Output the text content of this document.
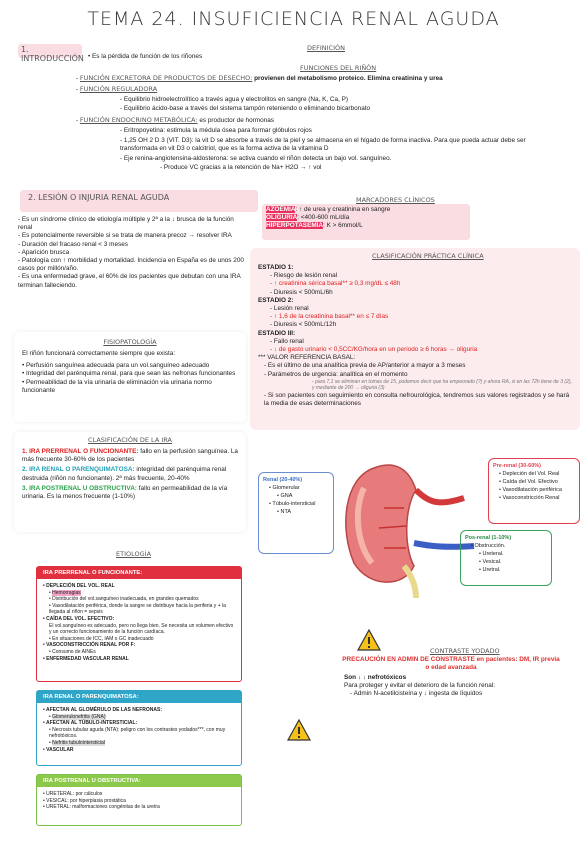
TEMA 24. INSUFICIENCIA RENAL AGUDA
1. INTRODUCCIÓN
DEFINICIÓN
• Es la pérdida de función de los riñones
FUNCIONES DEL RIÑÓN
- FUNCIÓN EXCRETORA DE PRODUCTOS DE DESECHO: provienen del metabolismo proteico. Elimina creatinina y urea
- FUNCIÓN REGULADORA
- Equilibrio hidroelectrolítico a través agua y electrolitos en sangre (Na, K, Ca, P)
- Equilibrio ácido-base a través del sistema tampón reteniendo o eliminando bicarbonato
- FUNCIÓN ENDOCRINO METABÓLICA: es productor de hormonas
- Eritropoyetina: estimula la médula ósea para formar glóbulos rojos
- 1,25 OH 2 D 3 (VIT. D3): la vit D se absorbe a través de la piel y se almacena en el hígado de forma inactiva. Para que pueda actuar debe ser transformada en vit D3 o calcitriol, que es la forma activa de la vitamina D
- Eje renina-angiotensina-aldosterona: se activa cuando el riñón detecta un bajo vol. sanguíneo.
- Produce VC gracias a la retención de Na+ H2O → ↑ vol
2. LESIÓN O INJURIA RENAL AGUDA
- Es un síndrome clínico de etiología múltiple y 2ª a la ↓ brusca de la función renal
- Es potencialmente reversible si se trata de manera precoz → resolver IRA
- Duración del fracaso renal < 3 meses
- Aparición brusca
- Patología con ↑ morbilidad y mortalidad. Incidencia en España es de unos 200 casos por millón/año.
- Es una enfermedad grave, el 60% de los pacientes que debutan con una IRA terminan falleciendo.
FISIOPATOLOGÍA
El riñón funcionará correctamente siempre que exista:
• Perfusión sanguínea adecuada para un vol.sanguíneo adecuado
• Integridad del parénquima renal, para que sean las nefronas funcionantes
• Permeabilidad de la vía urinaria de eliminación vía urinaria normo funcionante
CLASIFICACIÓN DE LA IRA
1. IRA PRERRENAL O FUNCIONANTE: fallo en la perfusión sanguínea. La más frecuente 30-60% de los pacientes
2. IRA RENAL O PARENQUIMATOSA: integridad del parénquima renal destruida (riñón no funcionante). 2ª más frecuente, 20-40%
3. IRA POSTRENAL U OBSTRUCTIVA: fallo en permeabilidad de la vía urinaria. Es la menos frecuente (1-10%)
MARCADORES CLÍNICOS
AZOEMIA: ↑ de urea y creatinina en sangre
OLIGURIA: <400-600 mL/día
HIPERPOTASEMIA: K > 6mmol/L
CLASIFICACIÓN PRÁCTICA CLÍNICA
ESTADIO 1:
- Riesgo de lesión renal
- ↑ creatinina sérica basal** ≥ 0,3 mg/dL ≤ 48h
- Diuresis < 500mL/6h
ESTADIO 2:
- Lesión renal
- ↑ 1,6 de la creatinina basal** en ≤ 7 días
- Diuresis < 500mL/12h
ESTADIO III:
- Fallo renal
- ↓ de gasto urinario < 0,5CC/KG/hora en un periodo ≥ 6 horas → oliguria
*** VALOR REFERENCIA BASAL:
- Es el último de una analítica previa de AP/anterior a mayor a 3 meses
- Parámetros de urgencia: analítica en el momento
- para 7,1 se eliminan en tomas de 15, podemos decir que ha empeorado (?) y ahora RA, si en las 72h tiene de 3 (2), y mediante de 200 → oliguria (3)
- Si son pacientes con seguimiento en consulta nefrourológica, tendremos sus valores registrados y se hará la media de esas determinaciones
Renal (20-40%)
• Glomerular
• GNA
• Túbulo-intersticial
• NTA
Pre-renal (30-60%)
• Depleción del Vol. Real
• Caída del Vol. Efectivo
• Vasodilatación periférica
• Vasoconstricción Renal
Pos-renal (1-10%)
• Obstrucción.
• Ureteral.
• Vesical.
• Uretral.
ETIOLOGÍA
IRA PRERRENAL O FUNCIONANTE:
• DEPLECIÓN DEL VOL. REAL
• Hemorragias
• Distribución del vol.sanguíneo inadecuada, en grandes quemados
• Vasodilatación periférica, donde la sangre se distribuye hacia la periferia y + la llegada al riñón = sepsis
• CAÍDA DEL VOL. EFECTIVO:
El vol.sanguíneo es adecuado, pero no llega bien. Se necesita un volumen efectivo y un correcto funcionamiento de la función cardíaca.
• En situaciones de ICC, IAM o GC inadecuado
• VASOCONSTRICCIÓN RENAL POR F:
• Consumo de AINEs
• ENFERMEDAD VASCULAR RENAL
IRA RENAL O PARENQUIMATOSA:
• AFECTAN AL GLOMÉRULO DE LAS NEFRONAS:
• Glomerulonefritis (GNA)
• AFECTAN AL TÚBULO-INTERSTICIAL:
• Necrosis tubular aguda (NTA): peligro con los contrastes yodados***, con muy nefrotóxicos.
• Nefritis tubulointersticial
• VASCULAR
IRA POSTRENAL U OBSTRUCTIVA:
• URETERAL: por cálculos
• VESICAL: por hiperplasia prostática
• URETRAL: malformaciones congénitas de la uretra
CONTRASTE YODADO
PRECAUCIÓN EN ADMIN DE CONSTRASTE en pacientes: DM, IR previa o edad avanzada
Son ↓ ↓ nefrotóxicos
Para proteger y evitar el deterioro de la función renal:
- Admin N-acetilcisteína y ↓ ingesta de líquidos
